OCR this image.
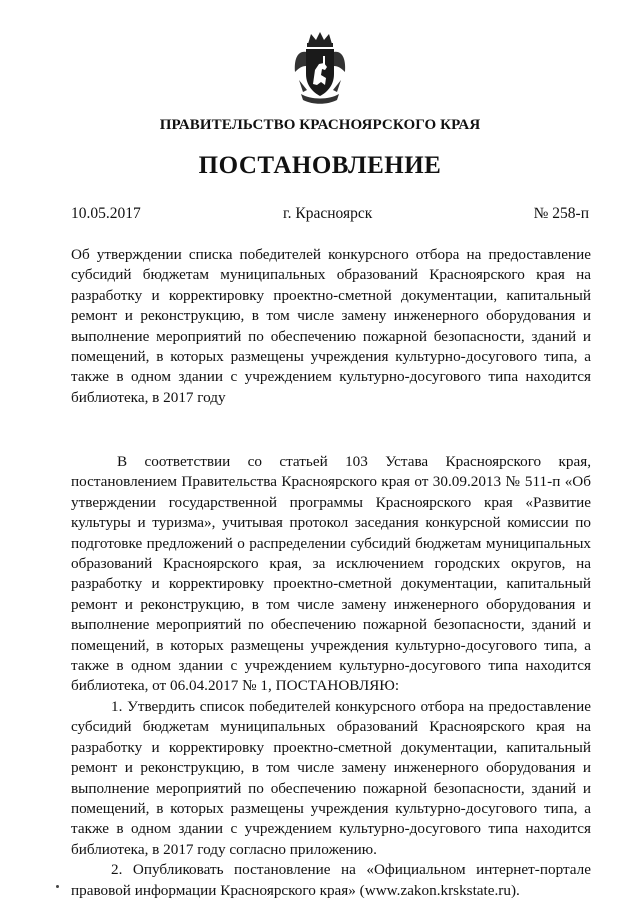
ПРАВИТЕЛЬСТВО КРАСНОЯРСКОГО КРАЯ
ПОСТАНОВЛЕНИЕ
10.05.2017	г. Красноярск	№ 258-п
Об утверждении списка победителей конкурсного отбора на предоставление субсидий бюджетам муниципальных образований Красноярского края на разработку и корректировку проектно-сметной документации, капитальный ремонт и реконструкцию, в том числе замену инженерного оборудования и выполнение мероприятий по обеспечению пожарной безопасности, зданий и помещений, в которых размещены учреждения культурно-досугового типа, а также в одном здании с учреждением культурно-досугового типа находится библиотека, в 2017 году

В соответствии со статьей 103 Устава Красноярского края, постановлением Правительства Красноярского края от 30.09.2013 № 511-п «Об утверждении государственной программы Красноярского края «Развитие культуры и туризма», учитывая протокол заседания конкурсной комиссии по подготовке предложений о распределении субсидий бюджетам муниципальных образований Красноярского края, за исключением городских округов, на разработку и корректировку проектно-сметной документации, капитальный ремонт и реконструкцию, в том числе замену инженерного оборудования и выполнение мероприятий по обеспечению пожарной безопасности, зданий и помещений, в которых размещены учреждения культурно-досугового типа, а также в одном здании с учреждением культурно-досугового типа находится библиотека, от 06.04.2017 № 1, ПОСТАНОВЛЯЮ:

1. Утвердить список победителей конкурсного отбора на предоставление субсидий бюджетам муниципальных образований Красноярского края на разработку и корректировку проектно-сметной документации, капитальный ремонт и реконструкцию, в том числе замену инженерного оборудования и выполнение мероприятий по обеспечению пожарной безопасности, зданий и помещений, в которых размещены учреждения культурно-досугового типа, а также в одном здании с учреждением культурно-досугового типа находится библиотека, в 2017 году согласно приложению.

2. Опубликовать постановление на «Официальном интернет-портале правовой информации Красноярского края» (www.zakon.krskstate.ru).
